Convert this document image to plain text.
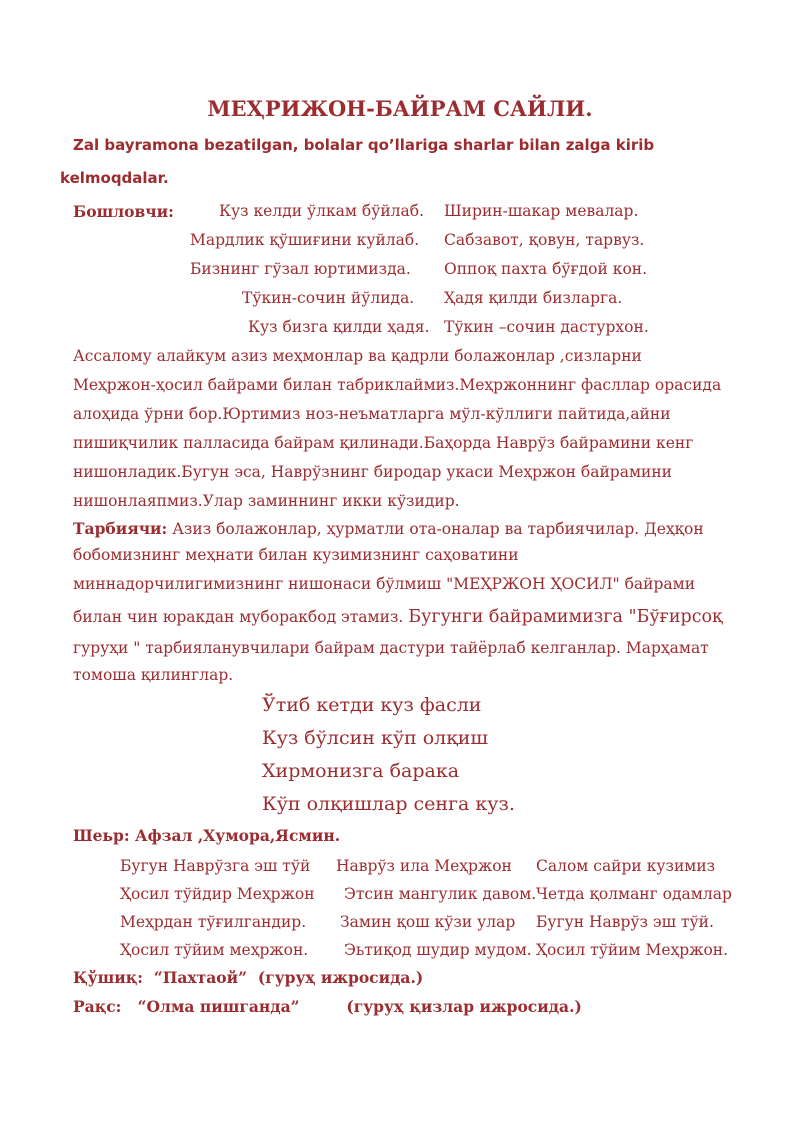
МЕҲРИЖОН-БАЙРАМ САЙЛИ.
Zal bayramona bezatilgan, bolalar qo’llariga sharlar bilan zalga kirib
kelmoqdalar.
Бошловчи:	Куз келди ўлкам бўйлаб.
Мардлик қўшиғини куйлаб.
Бизнинг гўзал юртимизда.
Тўкин-сочин йўлида.
Куз бизга қилди ҳадя.
Ширин-шакар мевалар.
Сабзавот, қовун, тарвуз.
Оппоқ пахта бўғдой кон.
Ҳадя қилди бизларга.
Тўкин –сочин дастурхон.
Ассалому алайкум азиз меҳмонлар ва қадрли болажонлар ,сизларни
Меҳржон-ҳосил байрами билан табриклаймиз.Меҳржоннинг фасллар орасида
алоҳида ўрни бор.Юртимиз ноз-неъматларга мўл-кўллиги пайтида,айни
пишиқчилик палласида байрам қилинади.Баҳорда Наврўз байрамини кенг
нишонладик.Бугун эса, Наврўзнинг биродар укаси Меҳржон байрамини
нишонлаяпмиз.Улар заминнинг икки кўзидир.
Тарбиячи: Азиз болажонлар, ҳурматли ота-оналар ва тарбиячилар. Деҳқон
бобомизнинг меҳнати билан кузимизнинг саҳоватини
миннадорчилигимизнинг нишонаси бўлмиш "МЕҲРЖОН ҲОСИЛ" байрами
билан чин юракдан муборакбод этамиз. Бугунги байрамимизга "Бўғирсоқ
гуруҳи " тарбияланувчилари байрам дастури тайёрлаб келганлар. Марҳамат
томоша қилинглар.
Ўтиб кетди куз фасли
Куз бўлсин кўп олқиш
Хирмонизга барака
Кўп олқишлар сенга куз.
Шеьр: Афзал ,Хумора,Ясмин.
Бугун Наврўзга эш тўй
Ҳосил тўйдир Меҳржон
Меҳрдан тўғилгандир.
Ҳосил тўйим меҳржон.
Наврўз ила Меҳржон
Этсин мангулик давом.
Замин қош кўзи улар
Эьтиқод шудир мудом.
Салом сайри кузимиз
Четда қолманг одамлар
Бугун Наврўз эш тўй.
Ҳосил тўйим Меҳржон.
Қўшиқ: “Пахтаой” (гуруҳ ижросида.)
Рақс: “Олма пишганда”	(гуруҳ қизлар ижросида.)
